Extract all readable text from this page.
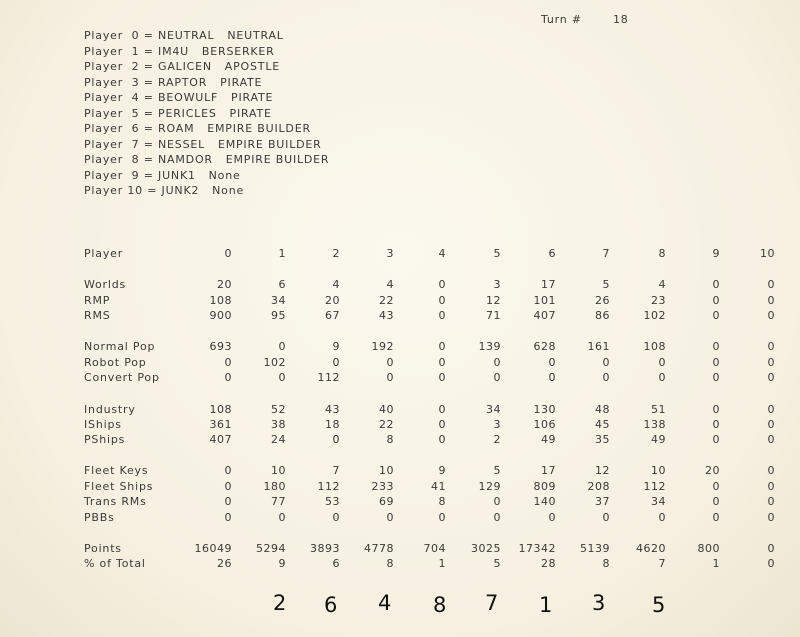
Turn #	18
Player  0 = NEUTRAL   NEUTRAL
Player  1 = IM4U   BERSERKER
Player  2 = GALICEN   APOSTLE
Player  3 = RAPTOR   PIRATE
Player  4 = BEOWULF   PIRATE
Player  5 = PERICLES   PIRATE
Player  6 = ROAM   EMPIRE BUILDER
Player  7 = NESSEL   EMPIRE BUILDER
Player  8 = NAMDOR   EMPIRE BUILDER
Player  9 = JUNK1   None
Player 10 = JUNK2   None
Player	0	1	2	3	4	5	6	7	8	9	10
Worlds	20	6	4	4	0	3	17	5	4	0	0
RMP	108	34	20	22	0	12	101	26	23	0	0
RMS	900	95	67	43	0	71	407	86	102	0	0
Normal Pop	693	0	9	192	0	139	628	161	108	0	0
Robot Pop	0	102	0	0	0	0	0	0	0	0	0
Convert Pop	0	0	112	0	0	0	0	0	0	0	0
Industry	108	52	43	40	0	34	130	48	51	0	0
IShips	361	38	18	22	0	3	106	45	138	0	0
PShips	407	24	0	8	0	2	49	35	49	0	0
Fleet Keys	0	10	7	10	9	5	17	12	10	20	0
Fleet Ships	0	180	112	233	41	129	809	208	112	0	0
Trans RMs	0	77	53	69	8	0	140	37	34	0	0
PBBs	0	0	0	0	0	0	0	0	0	0	0
Points	16049	5294	3893	4778	704	3025	17342	5139	4620	800	0
% of Total	26	9	6	8	1	5	28	8	7	1	0
2 6 4 8 7 1 3 5
